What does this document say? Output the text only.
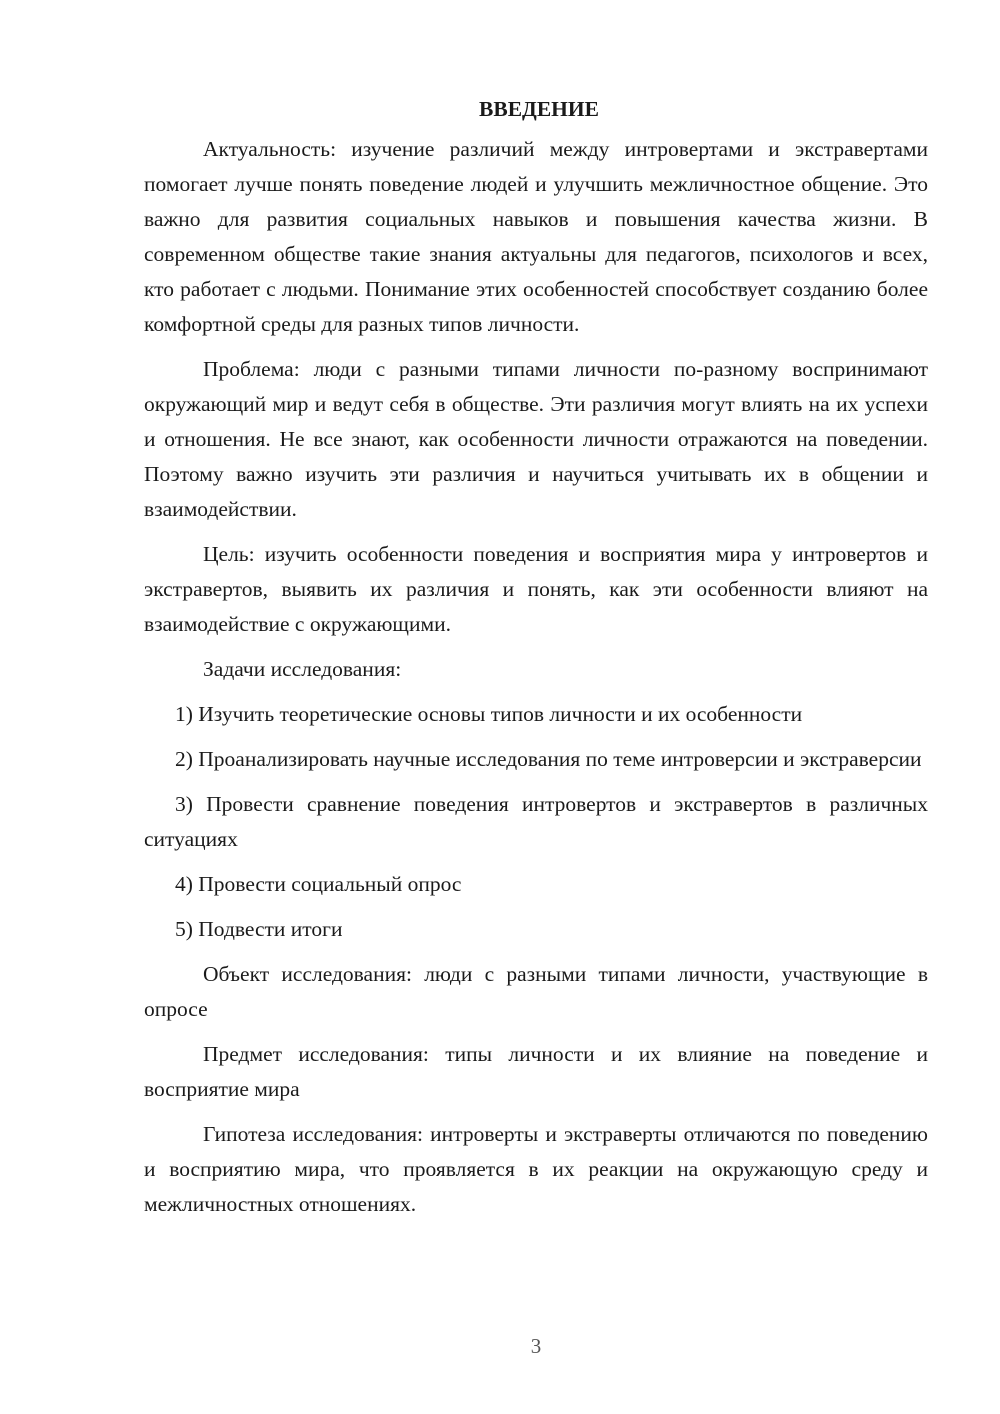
ВВЕДЕНИЕ

Актуальность: изучение различий между интровертами и экстравертами помогает лучше понять поведение людей и улучшить межличностное общение. Это важно для развития социальных навыков и повышения качества жизни. В современном обществе такие знания актуальны для педагогов, психологов и всех, кто работает с людьми. Понимание этих особенностей способствует созданию более комфортной среды для разных типов личности.

Проблема: люди с разными типами личности по-разному воспринимают окружающий мир и ведут себя в обществе. Эти различия могут влиять на их успехи и отношения. Не все знают, как особенности личности отражаются на поведении. Поэтому важно изучить эти различия и научиться учитывать их в общении и взаимодействии.

Цель: изучить особенности поведения и восприятия мира у интровертов и экстравертов, выявить их различия и понять, как эти особенности влияют на взаимодействие с окружающими.

Задачи исследования:

1) Изучить теоретические основы типов личности и их особенности

2) Проанализировать научные исследования по теме интроверсии и экстраверсии

3) Провести сравнение поведения интровертов и экстравертов в различных ситуациях

4) Провести социальный опрос

5) Подвести итоги

Объект исследования: люди с разными типами личности, участвующие в опросе

Предмет исследования: типы личности и их влияние на поведение и восприятие мира

Гипотеза исследования: интроверты и экстраверты отличаются по поведению и восприятию мира, что проявляется в их реакции на окружающую среду и межличностных отношениях.

3
